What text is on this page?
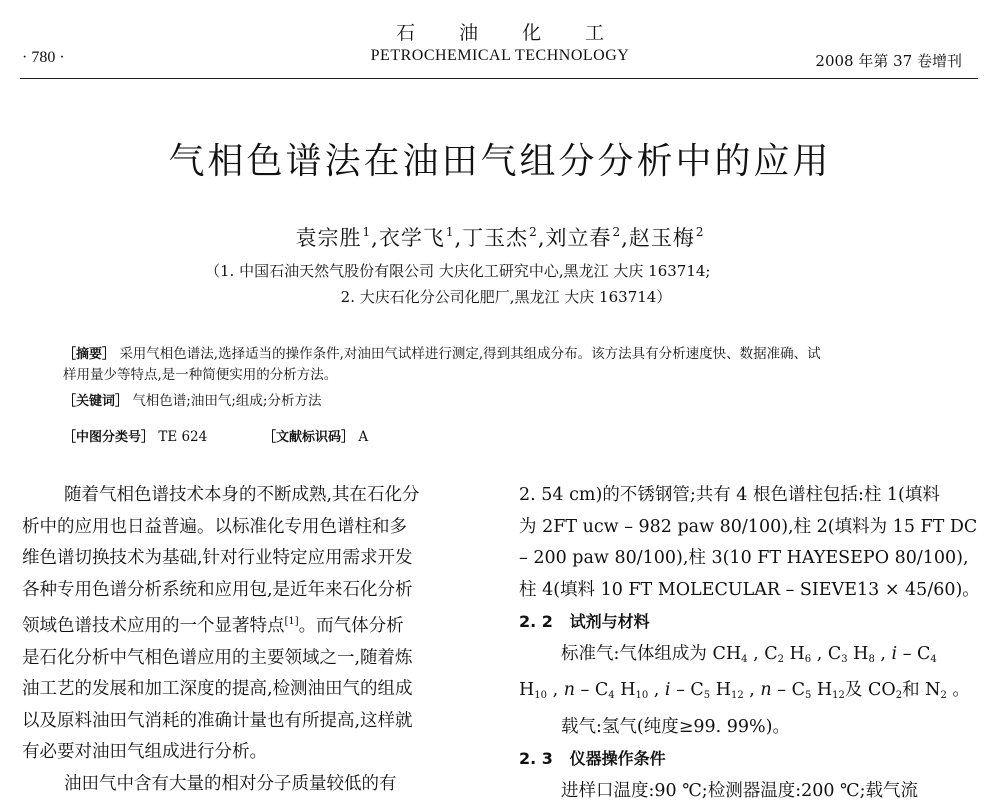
石油化工
· 780 ·	PETROCHEMICAL TECHNOLOGY	2008 年第 37 卷增刊
气相色谱法在油田气组分分析中的应用
袁宗胜$^1$,衣学飞$^1$,丁玉杰$^2$,刘立春$^2$,赵玉梅$^2$
（1. 中国石油天然气股份有限公司 大庆化工研究中心,黑龙江 大庆 163714;
2. 大庆石化分公司化肥厂,黑龙江 大庆 163714）
［摘要］ 采用气相色谱法,选择适当的操作条件,对油田气试样进行测定,得到其组成分布。该方法具有分析速度快、数据准确、试
样用量少等特点,是一种简便实用的分析方法。
［关键词］ 气相色谱;油田气;组成;分析方法
［中图分类号］ TE 624	［文献标识码］ A
随着气相色谱技术本身的不断成熟,其在石化分
析中的应用也日益普遍。以标准化专用色谱柱和多
维色谱切换技术为基础,针对行业特定应用需求开发
各种专用色谱分析系统和应用包,是近年来石化分析
领域色谱技术应用的一个显著特点[1]。而气体分析
是石化分析中气相色谱应用的主要领域之一,随着炼
油工艺的发展和加工深度的提高,检测油田气的组成
以及原料油田气消耗的准确计量也有所提高,这样就
有必要对油田气组成进行分析。
油田气中含有大量的相对分子质量较低的有
2. 54 cm)的不锈钢管;共有 4 根色谱柱包括:柱 1(填料
为 2FT ucw – 982 paw 80/100),柱 2(填料为 15 FT DC
– 200 paw 80/100),柱 3(10 FT HAYESEPO 80/100),
柱 4(填料 10 FT MOLECULAR – SIEVE13 × 45/60)。
2. 2 试剂与材料
标准气:气体组成为 $CH_4$ , $C_2$ $H_6$ , $C_3$ $H_8$ , i – $C_4$
$H_{10}$ , n – $C_4$ $H_{10}$ , i – $C_5$ $H_{12}$ , n – $C_5$ $H_{12}$及 $CO_2$和 $N_2$ 。
载气:氢气(纯度≥99. 99%)。
2. 3 仪器操作条件
进样口温度:90 ℃;检测器温度:200 ℃;载气流
